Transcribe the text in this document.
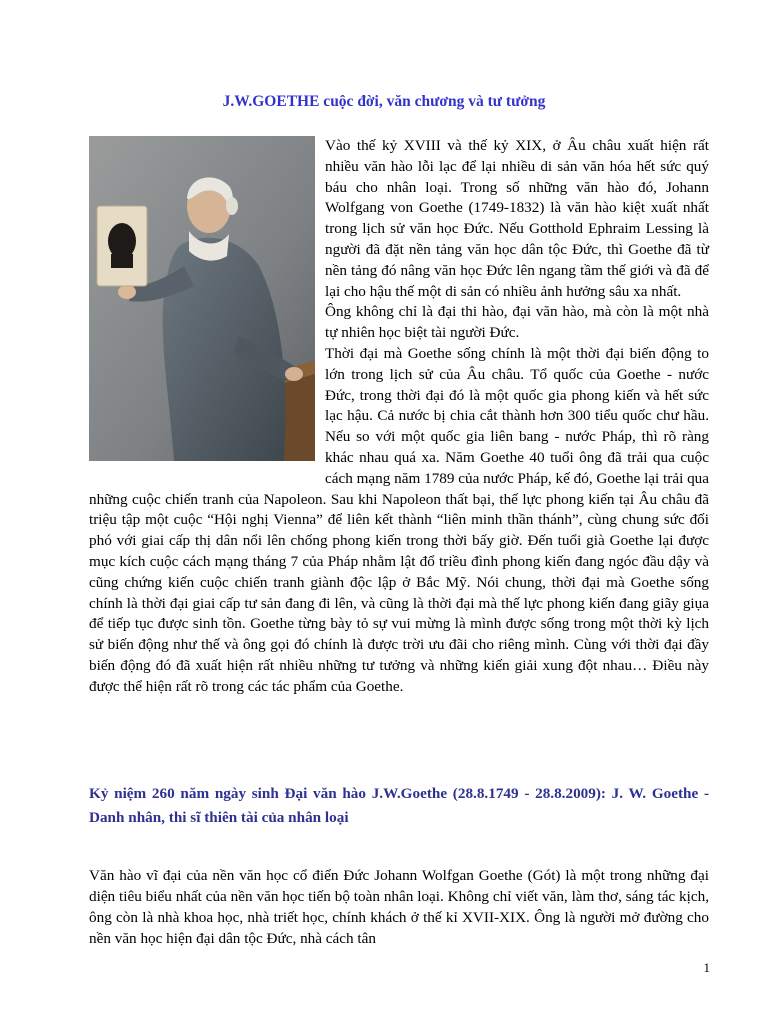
J.W.GOETHE cuộc đời, văn chương và tư tưởng

Vào thế kỷ XVIII và thế kỷ XIX, ở Âu châu xuất hiện rất nhiều văn hào lỗi lạc để lại nhiều di sản văn hóa hết sức quý báu cho nhân loại. Trong số những văn hào đó, Johann Wolfgang von Goethe (1749-1832) là văn hào kiệt xuất nhất trong lịch sử văn học Đức. Nếu Gotthold Ephraim Lessing là người đã đặt nền tảng văn học dân tộc Đức, thì Goethe đã từ nền tảng đó nâng văn học Đức lên ngang tầm thế giới và đã để lại cho hậu thế một di sản có nhiều ảnh hưởng sâu xa nhất.

Ông không chỉ là đại thi hào, đại văn hào, mà còn là một nhà tự nhiên học biệt tài người Đức.

Thời đại mà Goethe sống chính là một thời đại biến động to lớn trong lịch sử của Âu châu. Tổ quốc của Goethe - nước Đức, trong thời đại đó là một quốc gia phong kiến và hết sức lạc hậu. Cả nước bị chia cắt thành hơn 300 tiểu quốc chư hầu. Nếu so với một quốc gia liên bang - nước Pháp, thì rõ ràng khác nhau quá xa. Năm Goethe 40 tuổi ông đã trải qua cuộc cách mạng năm 1789 của nước Pháp, kế đó, Goethe lại trải qua những cuộc chiến tranh của Napoleon. Sau khi Napoleon thất bại, thế lực phong kiến tại Âu châu đã triệu tập một cuộc “Hội nghị Vienna” để liên kết thành “liên minh thần thánh”, cùng chung sức đối phó với giai cấp thị dân nổi lên chống phong kiến trong thời bấy giờ. Đến tuổi già Goethe lại được mục kích cuộc cách mạng tháng 7 của Pháp nhằm lật đổ triều đình phong kiến đang ngóc đầu dậy và cũng chứng kiến cuộc chiến tranh giành độc lập ở Bắc Mỹ. Nói chung, thời đại mà Goethe sống chính là thời đại giai cấp tư sản đang đi lên, và cũng là thời đại mà thế lực phong kiến đang giãy giụa để tiếp tục được sinh tồn. Goethe từng bày tỏ sự vui mừng là mình được sống trong một thời kỳ lịch sử biến động như thế và ông gọi đó chính là được trời ưu đãi cho riêng mình. Cùng với thời đại đầy biến động đó đã xuất hiện rất nhiều những tư tưởng và những kiến giải xung đột nhau… Điều này được thể hiện rất rõ trong các tác phẩm của Goethe.

Kỷ niệm 260 năm ngày sinh Đại văn hào J.W.Goethe (28.8.1749 - 28.8.2009): J. W. Goethe - Danh nhân, thi sĩ thiên tài của nhân loại

Văn hào vĩ đại của nền văn học cổ điển Đức Johann Wolfgan Goethe (Gót) là một trong những đại diện tiêu biểu nhất của nền văn học tiến bộ toàn nhân loại. Không chỉ viết văn, làm thơ, sáng tác kịch, ông còn là nhà khoa học, nhà triết học, chính khách ở thế kỉ XVII-XIX. Ông là người mở đường cho nền văn học hiện đại dân tộc Đức, nhà cách tân

1
